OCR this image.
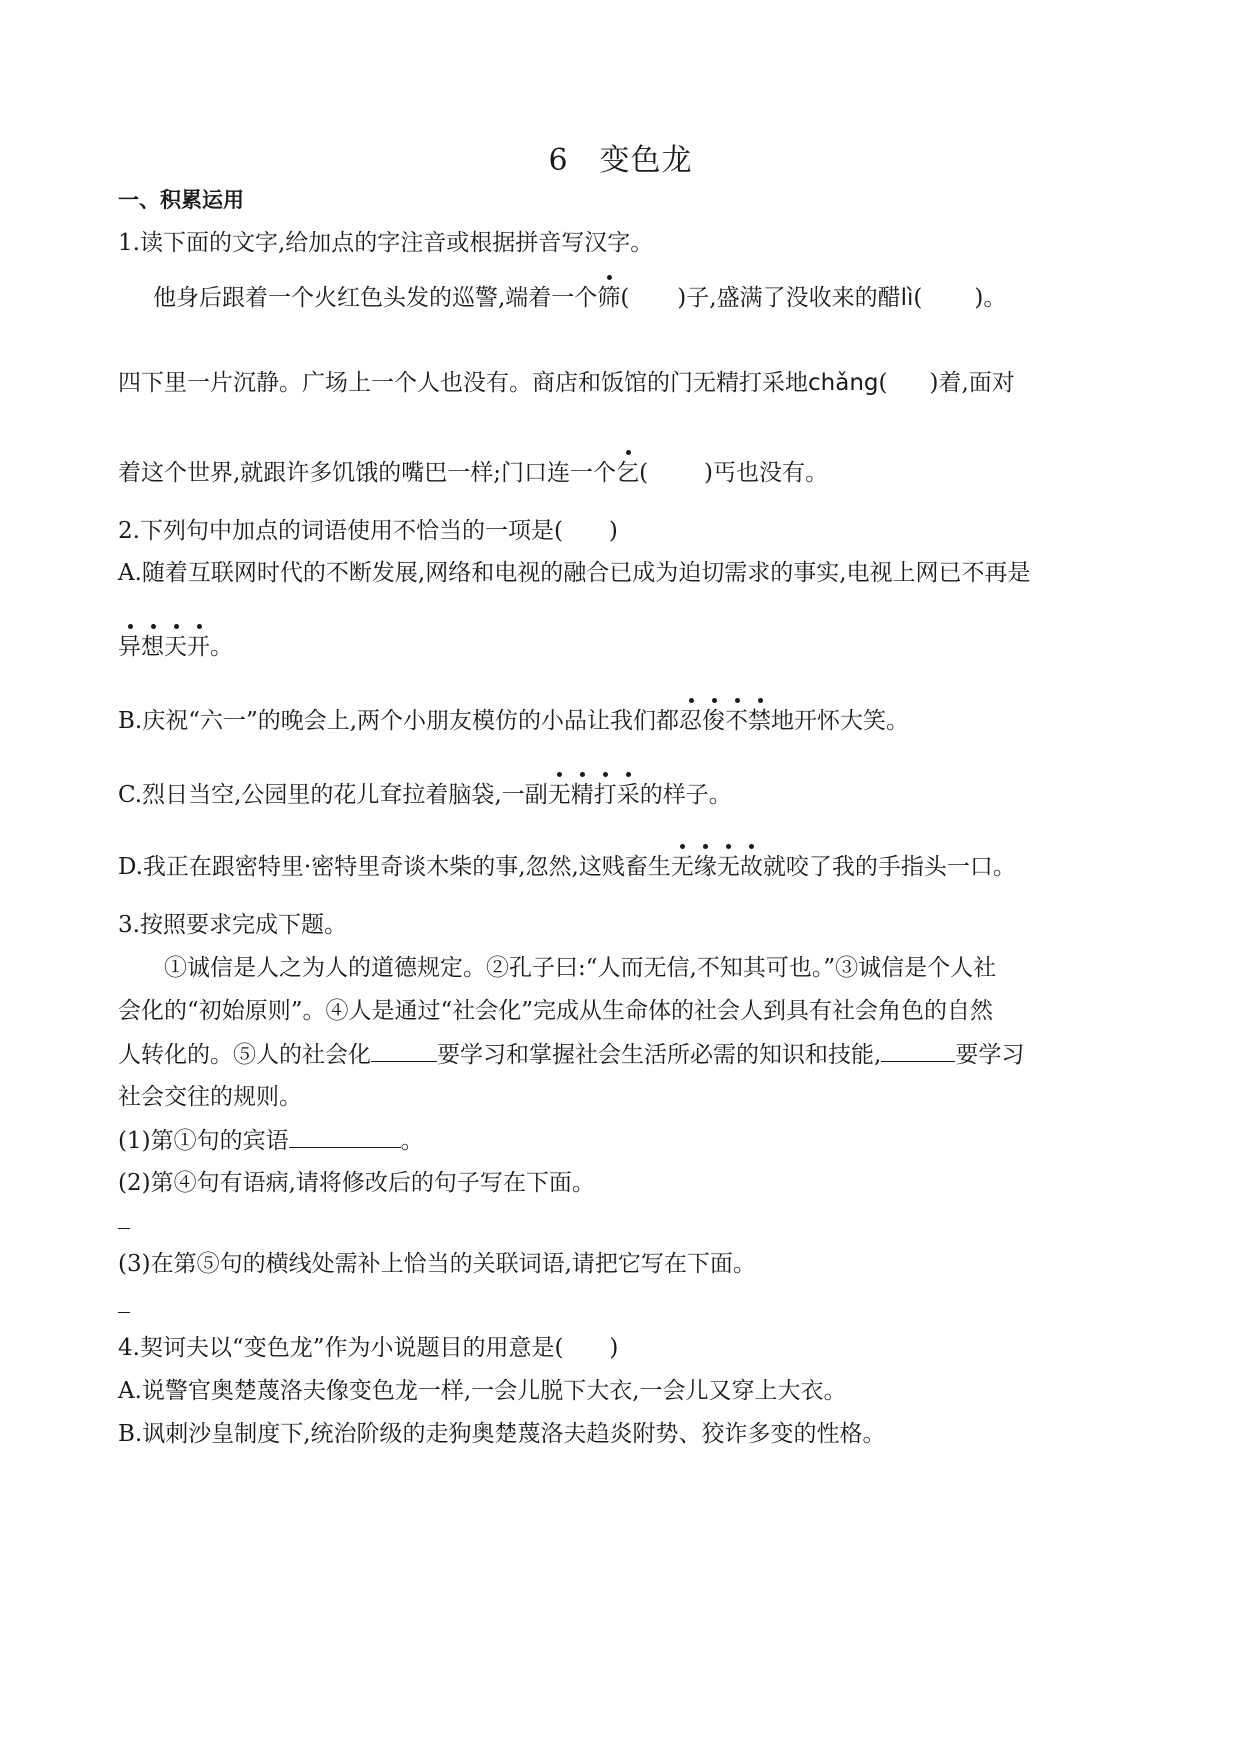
6　变色龙
一、积累运用
1.读下面的文字,给加点的字注音或根据拼音写汉字。
他身后跟着一个火红色头发的巡警,端着一个筛( )子,盛满了没收来的醋lì( )。
四下里一片沉静。广场上一个人也没有。商店和饭馆的门无精打采地chǎng( )着,面对
着这个世界,就跟许多饥饿的嘴巴一样;门口连一个乞( )丐也没有。
2.下列句中加点的词语使用不恰当的一项是(　　)
A.随着互联网时代的不断发展,网络和电视的融合已成为迫切需求的事实,电视上网已不再是
异想天开。
B.庆祝“六一”的晚会上,两个小朋友模仿的小品让我们都忍俊不禁地开怀大笑。
C.烈日当空,公园里的花儿耷拉着脑袋,一副无精打采的样子。
D.我正在跟密特里·密特里奇谈木柴的事,忽然,这贱畜生无缘无故就咬了我的手指头一口。
3.按照要求完成下题。
①诚信是人之为人的道德规定。②孔子曰:“人而无信,不知其可也。”③诚信是个人社
会化的“初始原则”。④人是通过“社会化”完成从生命体的社会人到具有社会角色的自然
人转化的。⑤人的社会化	要学习和掌握社会生活所必需的知识和技能,	要学习
社会交往的规则。
(1)第①句的宾语	。
(2)第④句有语病,请将修改后的句子写在下面。
(3)在第⑤句的横线处需补上恰当的关联词语,请把它写在下面。
4.契诃夫以“变色龙”作为小说题目的用意是(　　)
A.说警官奥楚蔑洛夫像变色龙一样,一会儿脱下大衣,一会儿又穿上大衣。
B.讽刺沙皇制度下,统治阶级的走狗奥楚蔑洛夫趋炎附势、狡诈多变的性格。
